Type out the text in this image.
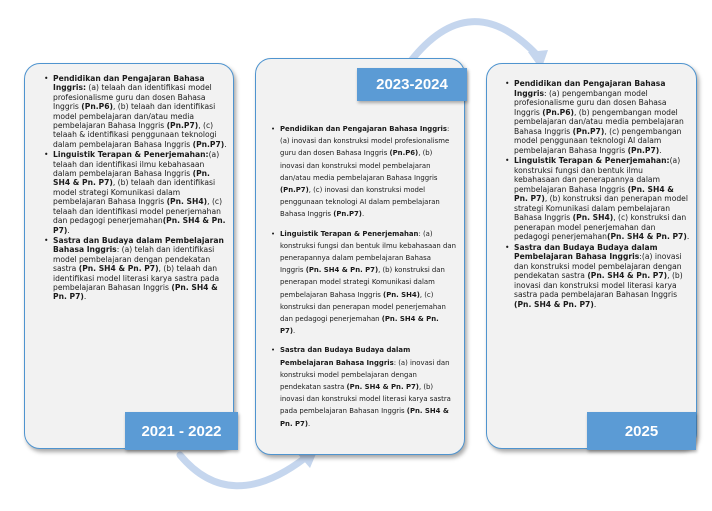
• Pendidikan dan Pengajaran Bahasa Inggris: (a) telaah dan identifikasi model profesionalisme guru dan dosen Bahasa Inggris (Pn.P6), (b) telaah dan identifikasi model pembelajaran dan/atau media pembelajaran Bahasa Inggris (Pn.P7), (c) telaah & identifikasi penggunaan teknologi dalam pembelajaran Bahasa Inggris (Pn.P7).
• Linguistik Terapan & Penerjemahan:(a) telaah dan identifikasi ilmu kebahasaan dalam pembelajaran Bahasa Inggris (Pn. SH4 & Pn. P7), (b) telaah dan identifikasi model strategi Komunikasi dalam pembelajaran Bahasa Inggris (Pn. SH4), (c) telaah dan identifikasi model penerjemahan dan pedagogi penerjemahan(Pn. SH4 & Pn. P7).
• Sastra dan Budaya dalam Pembelajaran Bahasa Inggris: (a) telah dan identifikasi model pembelajaran dengan pendekatan sastra (Pn. SH4 & Pn. P7), (b) telaah dan identifikasi model literasi karya sastra pada pembelajaran Bahasan Inggris (Pn. SH4 & Pn. P7).
• Pendidikan dan Pengajaran Bahasa Inggris: (a) inovasi dan konstruksi model profesionalisme guru dan dosen Bahasa Inggris (Pn.P6), (b) inovasi dan konstruksi model pembelajaran dan/atau media pembelajaran Bahasa Inggris (Pn.P7), (c) inovasi dan konstruksi model penggunaan teknologi AI dalam pembelajaran Bahasa Inggris (Pn.P7).
• Linguistik Terapan & Penerjemahan: (a) konstruksi fungsi dan bentuk ilmu kebahasaan dan penerapannya dalam pembelajaran Bahasa Inggris (Pn. SH4 & Pn. P7), (b) konstruksi dan penerapan model strategi Komunikasi dalam pembelajaran Bahasa Inggris (Pn. SH4), (c) konstruksi dan penerapan model penerjemahan dan pedagogi penerjemahan (Pn. SH4 & Pn. P7).
• Sastra dan Budaya Budaya dalam Pembelajaran Bahasa Inggris: (a) inovasi dan konstruksi model pembelajaran dengan pendekatan sastra (Pn. SH4 & Pn. P7), (b) inovasi dan konstruksi model literasi karya sastra pada pembelajaran Bahasan Inggris (Pn. SH4 & Pn. P7).
• Pendidikan dan Pengajaran Bahasa Inggris: (a) pengembangan model profesionalisme guru dan dosen Bahasa Inggris (Pn.P6), (b) pengembangan model pembelajaran dan/atau media pembelajaran Bahasa Inggris (Pn.P7), (c) pengembangan model penggunaan teknologi AI dalam pembelajaran Bahasa Inggris (Pn.P7).
• Linguistik Terapan & Penerjemahan:(a) konstruksi fungsi dan bentuk ilmu kebahasaan dan penerapannya dalam pembelajaran Bahasa Inggris (Pn. SH4 & Pn. P7), (b) konstruksi dan penerapan model strategi Komunikasi dalam pembelajaran Bahasa Inggris (Pn. SH4), (c) konstruksi dan penerapan model penerjemahan dan pedagogi penerjemahan(Pn. SH4 & Pn. P7).
• Sastra dan Budaya Budaya dalam Pembelajaran Bahasa Inggris:(a) inovasi dan konstruksi model pembelajaran dengan pendekatan sastra (Pn. SH4 & Pn. P7), (b) inovasi dan konstruksi model literasi karya sastra pada pembelajaran Bahasan Inggris (Pn. SH4 & Pn. P7).
2021 - 2022
2023-2024
2025
